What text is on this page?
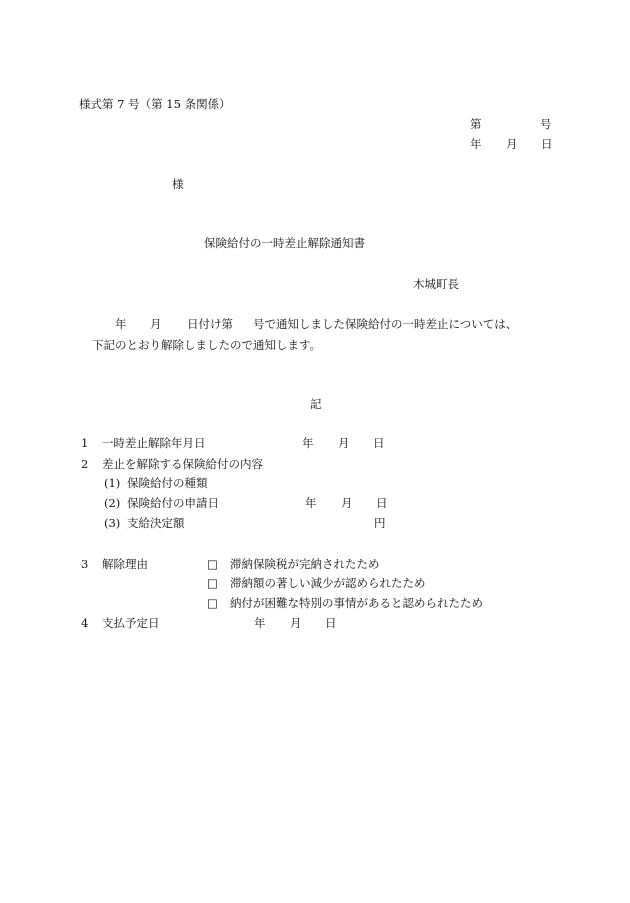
様式第 7 号（第 15 条関係）
第	号
年 月 日
様
保険給付の一時差止解除通知書
木城町長
年 月 日付け第 号で通知しました保険給付の一時差止については、
下記のとおり解除しましたので通知します。
記
1 一時差止解除年月日	年 月 日
2 差止を解除する保険給付の内容
(1) 保険給付の種類
(2) 保険給付の申請日	年 月 日
(3) 支給決定額	円
3 解除理由	□ 滞納保険税が完納されたため
□ 滞納額の著しい減少が認められたため
□ 納付が困難な特別の事情があると認められたため
4 支払予定日	年 月 日
